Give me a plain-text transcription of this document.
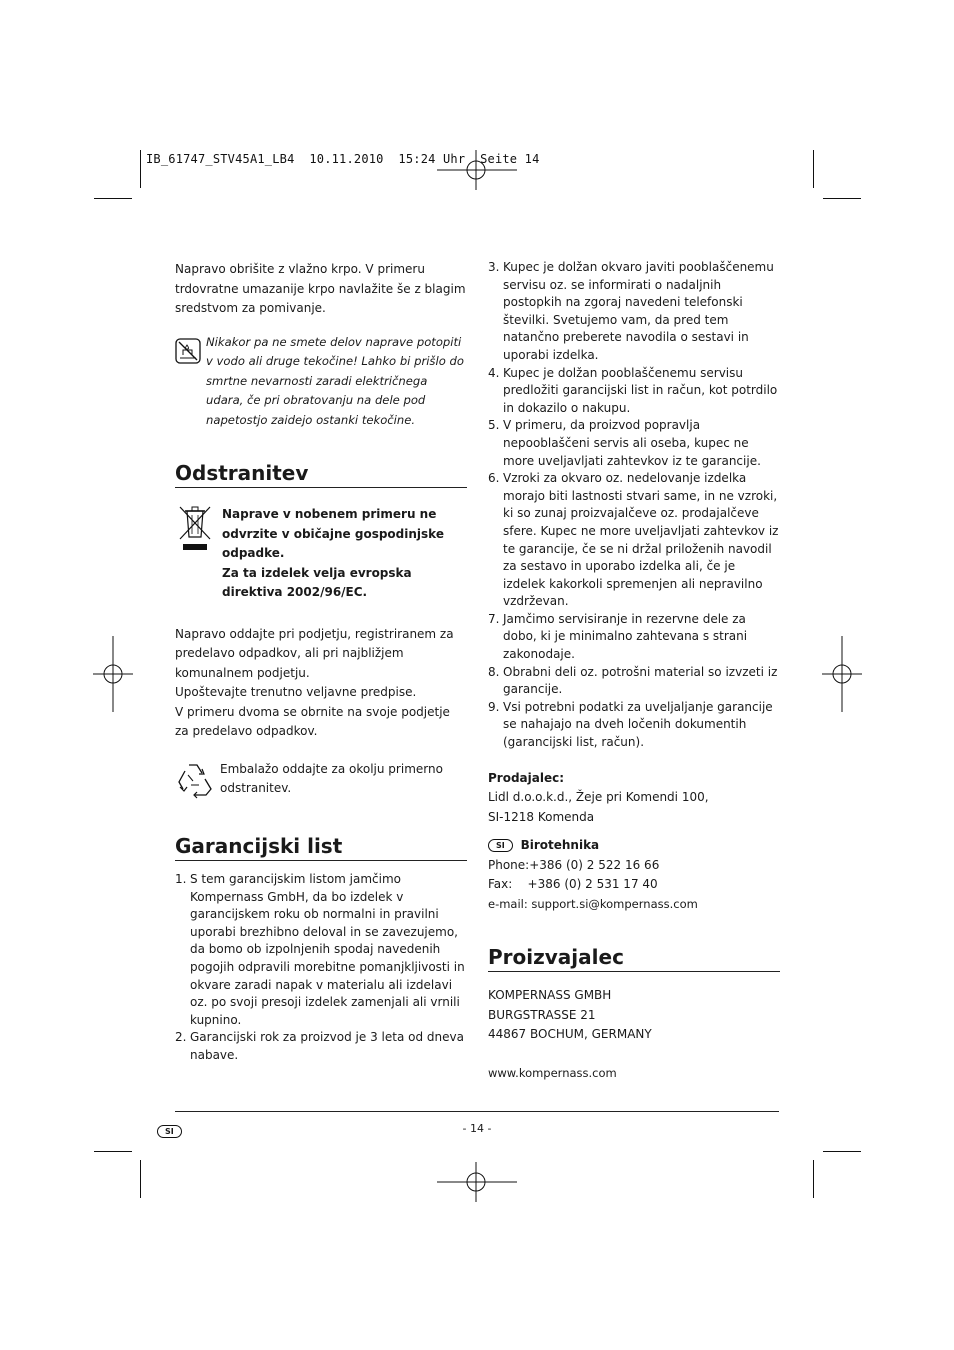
IB_61747_STV45A1_LB4  10.11.2010  15:24 Uhr  Seite 14

Napravo obrišite z vlažno krpo. V primeru trdovratne umazanije krpo navlažite še z blagim sredstvom za pomivanje.

Nikakor pa ne smete delov naprave potopiti v vodo ali druge tekočine! Lahko bi prišlo do smrtne nevarnosti zaradi električnega udara, če pri obratovanju na dele pod napetostjo zaidejo ostanki tekočine.

Odstranitev

Naprave v nobenem primeru ne odvrzite v običajne gospodinjske odpadke.

Za ta izdelek velja evropska direktiva 2002/96/EC.

Napravo oddajte pri podjetju, registriranem za predelavo odpadkov, ali pri najbližjem komunalnem podjetju.

Upoštevajte trenutno veljavne predpise.

V primeru dvoma se obrnite na svoje podjetje za predelavo odpadkov.

Embalažo oddajte za okolju primerno odstranitev.

Garancijski list
1. S tem garancijskim listom jamčimo Kompernass GmbH, da bo izdelek v garancijskem roku ob normalni in pravilni uporabi brezhibno deloval in se zavezujemo, da bomo ob izpolnjenih spodaj navedenih pogojih odpravili morebitne pomanjkljivosti in okvare zaradi napak v materialu ali izdelavi oz. po svoji presoji izdelek zamenjali ali vrnili kupnino.
2. Garancijski rok za proizvod je 3 leta od dneva nabave.
3. Kupec je dolžan okvaro javiti pooblaščenemu servisu oz. se informirati o nadaljnih postopkih na zgoraj navedeni telefonski številki. Svetujemo vam, da pred tem natančno preberete navodila o sestavi in uporabi izdelka.
4. Kupec je dolžan pooblaščenemu servisu predložiti garancijski list in račun, kot potrdilo in dokazilo o nakupu.
5. V primeru, da proizvod popravlja nepooblaščeni servis ali oseba, kupec ne more uveljavljati zahtevkov iz te garancije.
6. Vzroki za okvaro oz. nedelovanje izdelka morajo biti lastnosti stvari same, in ne vzroki, ki so zunaj proizvajalčeve oz. prodajalčeve sfere. Kupec ne more uveljavljati zahtevkov iz te garancije, če se ni držal priloženih navodil za sestavo in uporabo izdelka ali, če je izdelek kakorkoli spremenjen ali nepravilno vzdrževan.
7. Jamčimo servisiranje in rezervne dele za dobo, ki je minimalno zahtevana s strani zakonodaje.
8. Obrabni deli oz. potrošni material so izvzeti iz garancije.
9. Vsi potrebni podatki za uveljaljanje garancije se nahajajo na dveh ločenih dokumentih (garancijski list, račun).

Prodajalec:

Lidl d.o.o.k.d., Žeje pri Komendi 100,

SI-1218 Komenda

SI Birotehnika

Phone:+386 (0) 2 522 16 66

Fax:    +386 (0) 2 531 17 40

e-mail: support.si@kompernass.com

Proizvajalec

KOMPERNASS GMBH

BURGSTRASSE 21

44867 BOCHUM, GERMANY

www.kompernass.com

SI	- 14 -
